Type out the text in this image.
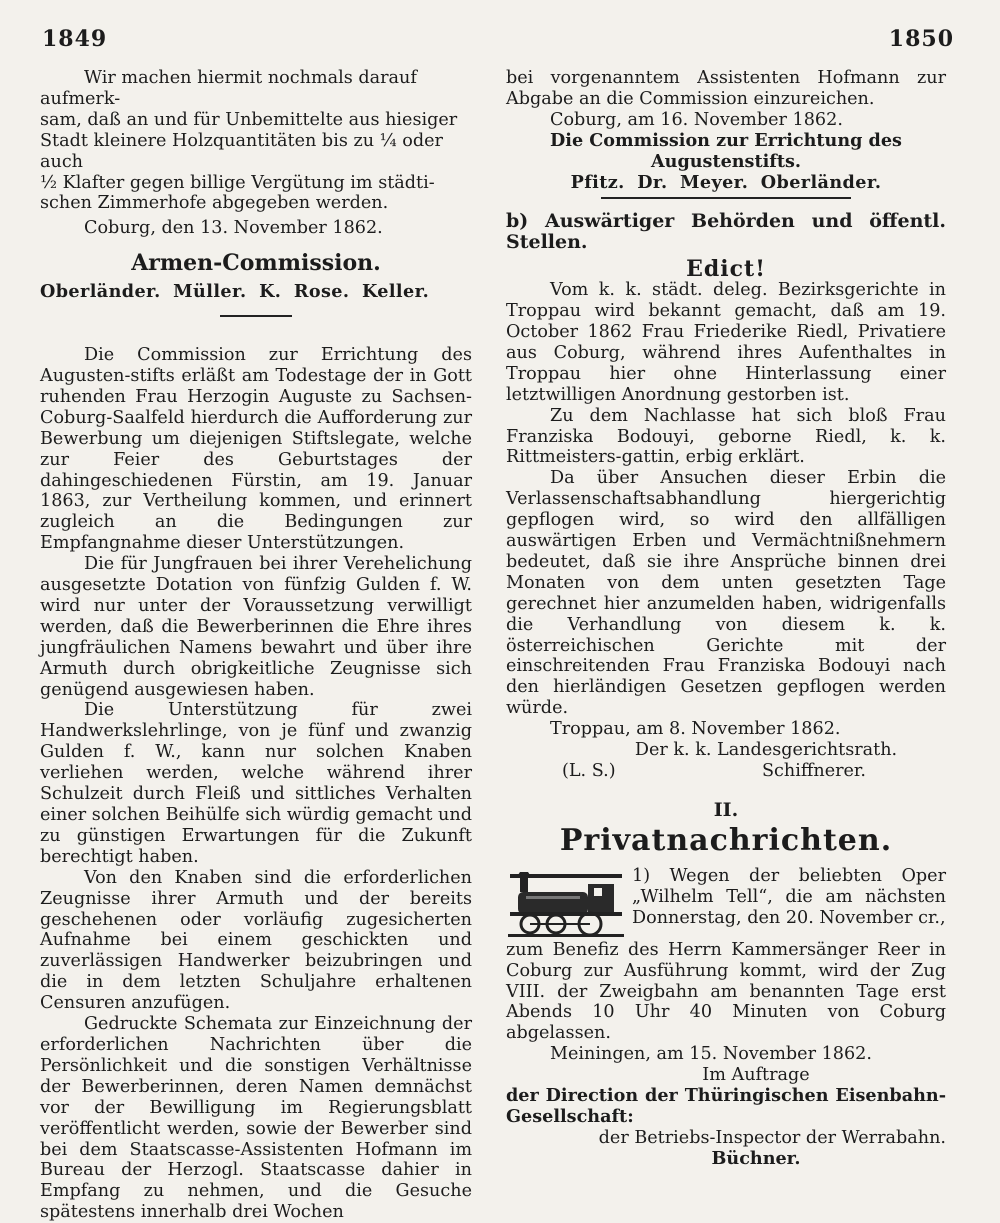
1849	1850
Wir machen hiermit nochmals darauf aufmerk-
sam, daß an und für Unbemittelte aus hiesiger
Stadt kleinere Holzquantitäten bis zu ¼ oder auch
½ Klafter gegen billige Vergütung im städti-
schen Zimmerhofe abgegeben werden.

Coburg, den 13. November 1862.

Armen-Commission.

Oberländer. Müller. K. Rose. Keller.

Die Commission zur Errichtung des Augusten-stifts erläßt am Todestage der in Gott ruhenden Frau Herzogin Auguste zu Sachsen-Coburg-Saalfeld hierdurch die Aufforderung zur Bewerbung um diejenigen Stiftslegate, welche zur Feier des Geburtstages der dahingeschiedenen Fürstin, am 19. Januar 1863, zur Vertheilung kommen, und erinnert zugleich an die Bedingungen zur Empfangnahme dieser Unterstützungen.

Die für Jungfrauen bei ihrer Verehelichung ausgesetzte Dotation von fünfzig Gulden f. W. wird nur unter der Voraussetzung verwilligt werden, daß die Bewerberinnen die Ehre ihres jungfräulichen Namens bewahrt und über ihre Armuth durch obrigkeitliche Zeugnisse sich genügend ausgewiesen haben.

Die Unterstützung für zwei Handwerkslehrlinge, von je fünf und zwanzig Gulden f. W., kann nur solchen Knaben verliehen werden, welche während ihrer Schulzeit durch Fleiß und sittliches Verhalten einer solchen Beihülfe sich würdig gemacht und zu günstigen Erwartungen für die Zukunft berechtigt haben.

Von den Knaben sind die erforderlichen Zeugnisse ihrer Armuth und der bereits geschehenen oder vorläufig zugesicherten Aufnahme bei einem geschickten und zuverlässigen Handwerker beizubringen und die in dem letzten Schuljahre erhaltenen Censuren anzufügen.

Gedruckte Schemata zur Einzeichnung der erforderlichen Nachrichten über die Persönlichkeit und die sonstigen Verhältnisse der Bewerberinnen, deren Namen demnächst vor der Bewilligung im Regierungsblatt veröffentlicht werden, sowie der Bewerber sind bei dem Staatscasse-Assistenten Hofmann im Bureau der Herzogl. Staatscasse dahier in Empfang zu nehmen, und die Gesuche spätestens innerhalb drei Wochen

bei vorgenanntem Assistenten Hofmann zur Abgabe an die Commission einzureichen.

Coburg, am 16. November 1862.

Die Commission zur Errichtung des Augustenstifts.

Pfitz. Dr. Meyer. Oberländer.

b) Auswärtiger Behörden und öffentl. Stellen.

Edict!

Vom k. k. städt. deleg. Bezirksgerichte in Troppau wird bekannt gemacht, daß am 19. October 1862 Frau Friederike Riedl, Privatiere aus Coburg, während ihres Aufenthaltes in Troppau hier ohne Hinterlassung einer letztwilligen Anordnung gestorben ist.

Zu dem Nachlasse hat sich bloß Frau Franziska Bodouyi, geborne Riedl, k. k. Rittmeisters-gattin, erbig erklärt.

Da über Ansuchen dieser Erbin die Verlassenschaftsabhandlung hiergerichtig gepflogen wird, so wird den allfälligen auswärtigen Erben und Vermächtnißnehmern bedeutet, daß sie ihre Ansprüche binnen drei Monaten von dem unten gesetzten Tage gerechnet hier anzumelden haben, widrigenfalls die Verhandlung von diesem k. k. österreichischen Gerichte mit der einschreitenden Frau Franziska Bodouyi nach den hierländigen Gesetzen gepflogen werden würde.

Troppau, am 8. November 1862.

Der k. k. Landesgerichtsrath.

(L. S.)	Schiffnerer.

II.

Privatnachrichten.

1) Wegen der beliebten Oper „Wilhelm Tell“, die am nächsten Donnerstag, den 20. November cr.,

zum Benefiz des Herrn Kammersänger Reer in Coburg zur Ausführung kommt, wird der Zug VIII. der Zweigbahn am benannten Tage erst Abends 10 Uhr 40 Minuten von Coburg abgelassen.

Meiningen, am 15. November 1862.

Im Auftrage

der Direction der Thüringischen Eisenbahn-Gesellschaft:

der Betriebs-Inspector der Werrabahn.

Büchner.
